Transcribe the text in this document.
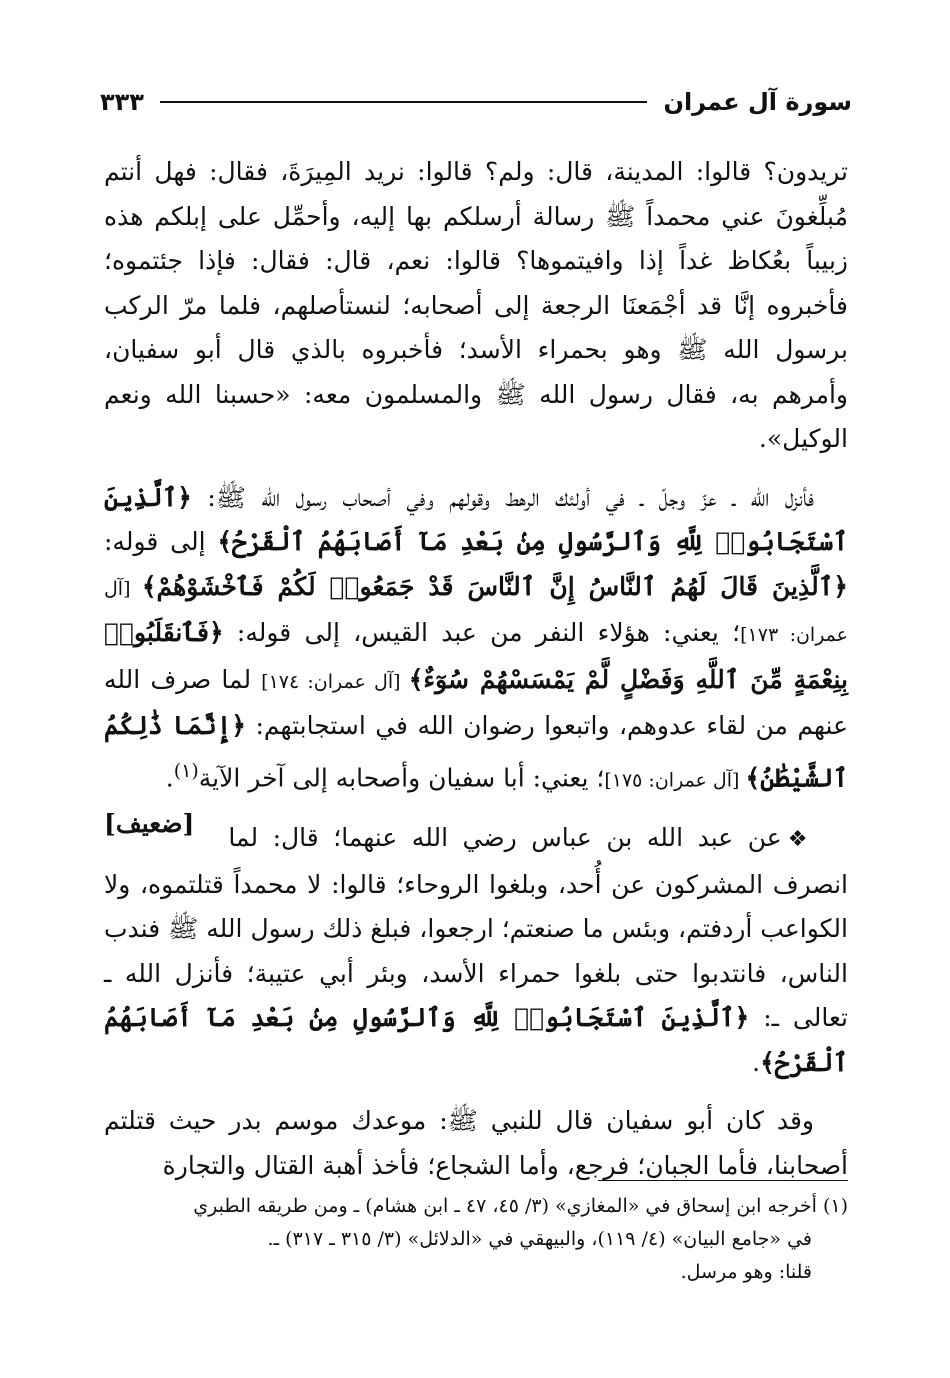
سورة آل عمران
٣٣٣

تريدون؟ قالوا: المدينة، قال: ولم؟ قالوا: نريد المِيرَةَ، فقال: فهل أنتم مُبلِّغونَ عني محمداً ﷺ رسالة أرسلكم بها إليه، وأحمِّل على إبلكم هذه زبيباً بعُكاظ غداً إذا وافيتموها؟ قالوا: نعم، قال: فقال: فإذا جئتموه؛ فأخبروه إنَّا قد أجْمَعنَا الرجعة إلى أصحابه؛ لنستأصلهم، فلما مرّ الركب برسول الله ﷺ وهو بحمراء الأسد؛ فأخبروه بالذي قال أبو سفيان، وأمرهم به، فقال رسول الله ﷺ والمسلمون معه: «حسبنا الله ونعم الوكيل».

فأنزل الله ـ عزّ وجلّ ـ في أولئك الرهط وقولهم وفي أصحاب رسول الله ﷺ: ﴿ٱلَّذِينَ ٱسْتَجَابُوا۟ لِلَّهِ وَٱلرَّسُولِ مِنۢ بَعْدِ مَآ أَصَابَهُمُ ٱلْقَرْحُ﴾ إلى قوله: ﴿ٱلَّذِينَ قَالَ لَهُمُ ٱلنَّاسُ إِنَّ ٱلنَّاسَ قَدْ جَمَعُوا۟ لَكُمْ فَٱخْشَوْهُمْ﴾ [آل عمران: ١٧٣]؛ يعني: هؤلاء النفر من عبد القيس، إلى قوله: ﴿فَٱنقَلَبُوا۟ بِنِعْمَةٍ مِّنَ ٱللَّهِ وَفَضْلٍ لَّمْ يَمْسَسْهُمْ سُوٓءٌ﴾ [آل عمران: ١٧٤] لما صرف الله عنهم من لقاء عدوهم، واتبعوا رضوان الله في استجابتهم: ﴿إِنَّمَا ذَٰلِكُمُ ٱلشَّيْطَٰنُ﴾ [آل عمران: ١٧٥]؛ يعني: أبا سفيان وأصحابه إلى آخر الآية$^{(١)}$.
[ضعيف]

❖عن عبد الله بن عباس رضي الله عنهما؛ قال: لما انصرف المشركون عن أُحد، وبلغوا الروحاء؛ قالوا: لا محمداً قتلتموه، ولا الكواعب أردفتم، وبئس ما صنعتم؛ ارجعوا، فبلغ ذلك رسول الله ﷺ فندب الناس، فانتدبوا حتى بلغوا حمراء الأسد، وبئر أبي عتيبة؛ فأنزل الله ـ تعالى ـ: ﴿ٱلَّذِينَ ٱسْتَجَابُوا۟ لِلَّهِ وَٱلرَّسُولِ مِنۢ بَعْدِ مَآ أَصَابَهُمُ ٱلْقَرْحُ﴾.

وقد كان أبو سفيان قال للنبي ﷺ: موعدك موسم بدر حيث قتلتم أصحابنا، فأما الجبان؛ فرجع، وأما الشجاع؛ فأخذ أهبة القتال والتجارة

(١) أخرجه ابن إسحاق في «المغازي» (٣/ ٤٥، ٤٧ ـ ابن هشام) ـ ومن طريقه الطبري

في «جامع البيان» (٤/ ١١٩)، والبيهقي في «الدلائل» (٣/ ٣١٥ ـ ٣١٧) ـ.

قلنا: وهو مرسل.
